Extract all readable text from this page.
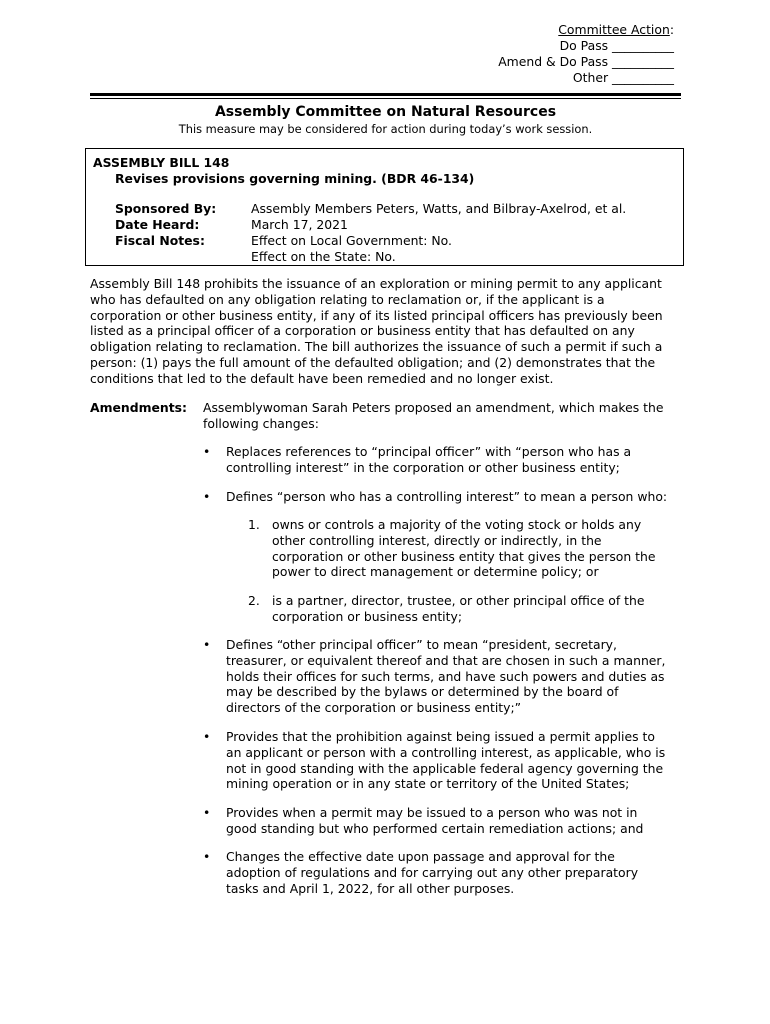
Committee Action:
Do Pass __________
Amend & Do Pass __________
Other __________
Assembly Committee on Natural Resources
This measure may be considered for action during today’s work session.
ASSEMBLY BILL 148
Revises provisions governing mining. (BDR 46-134)
Sponsored By:	Assembly Members Peters, Watts, and Bilbray-Axelrod, et al.
Date Heard:	March 17, 2021
Fiscal Notes:	Effect on Local Government: No.
Effect on the State: No.
Assembly Bill 148 prohibits the issuance of an exploration or mining permit to any applicant
who has defaulted on any obligation relating to reclamation or, if the applicant is a
corporation or other business entity, if any of its listed principal officers has previously been
listed as a principal officer of a corporation or business entity that has defaulted on any
obligation relating to reclamation. The bill authorizes the issuance of such a permit if such a
person: (1) pays the full amount of the defaulted obligation; and (2) demonstrates that the
conditions that led to the default have been remedied and no longer exist.
Amendments: Assemblywoman Sarah Peters proposed an amendment, which makes the
following changes:
•	Replaces references to “principal officer” with “person who has a
controlling interest” in the corporation or other business entity;
•	Defines “person who has a controlling interest” to mean a person who:
1. owns or controls a majority of the voting stock or holds any
other controlling interest, directly or indirectly, in the
corporation or other business entity that gives the person the
power to direct management or determine policy; or
2. is a partner, director, trustee, or other principal office of the
corporation or business entity;
•	Defines “other principal officer” to mean “president, secretary,
treasurer, or equivalent thereof and that are chosen in such a manner,
holds their offices for such terms, and have such powers and duties as
may be described by the bylaws or determined by the board of
directors of the corporation or business entity;”
•	Provides that the prohibition against being issued a permit applies to
an applicant or person with a controlling interest, as applicable, who is
not in good standing with the applicable federal agency governing the
mining operation or in any state or territory of the United States;
•	Provides when a permit may be issued to a person who was not in
good standing but who performed certain remediation actions; and
•	Changes the effective date upon passage and approval for the
adoption of regulations and for carrying out any other preparatory
tasks and April 1, 2022, for all other purposes.
